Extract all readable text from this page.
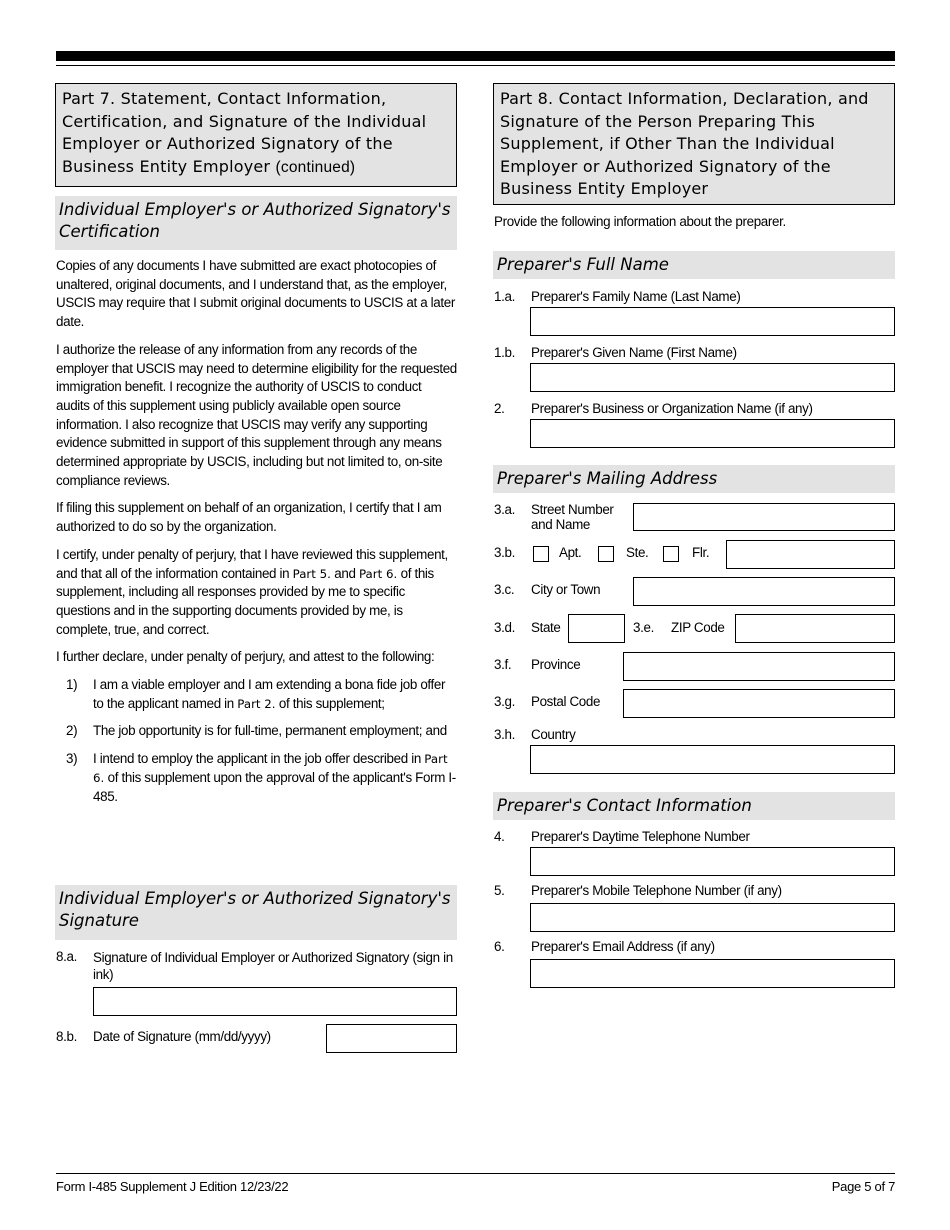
Part 7. Statement, Contact Information, Certification, and Signature of the Individual Employer or Authorized Signatory of the Business Entity Employer (continued)
Individual Employer's or Authorized Signatory's Certification

Copies of any documents I have submitted are exact photocopies of unaltered, original documents, and I understand that, as the employer, USCIS may require that I submit original documents to USCIS at a later date.

I authorize the release of any information from any records of the employer that USCIS may need to determine eligibility for the requested immigration benefit. I recognize the authority of USCIS to conduct audits of this supplement using publicly available open source information. I also recognize that USCIS may verify any supporting evidence submitted in support of this supplement through any means determined appropriate by USCIS, including but not limited to, on-site compliance reviews.

If filing this supplement on behalf of an organization, I certify that I am authorized to do so by the organization.

I certify, under penalty of perjury, that I have reviewed this supplement, and that all of the information contained in Part 5. and Part 6. of this supplement, including all responses provided by me to specific questions and in the supporting documents provided by me, is complete, true, and correct.

I further declare, under penalty of perjury, and attest to the following:

1) I am a viable employer and I am extending a bona fide job offer to the applicant named in Part 2. of this supplement;
2) The job opportunity is for full-time, permanent employment; and
3) I intend to employ the applicant in the job offer described in Part 6. of this supplement upon the approval of the applicant's Form I-485.
Individual Employer's or Authorized Signatory's Signature
8.a. Signature of Individual Employer or Authorized Signatory (sign in ink)
8.b. Date of Signature (mm/dd/yyyy)
Part 8. Contact Information, Declaration, and Signature of the Person Preparing This Supplement, if Other Than the Individual Employer or Authorized Signatory of the Business Entity Employer
Provide the following information about the preparer.
Preparer's Full Name
1.a. Preparer's Family Name (Last Name)
1.b. Preparer's Given Name (First Name)
2. Preparer's Business or Organization Name (if any)
Preparer's Mailing Address
3.a. Street Number
and Name
3.b.	Apt.	Ste.	Flr.
3.c. City or Town
3.d. State	3.e. ZIP Code
3.f. Province
3.g. Postal Code
3.h. Country
Preparer's Contact Information
4. Preparer's Daytime Telephone Number
5. Preparer's Mobile Telephone Number (if any)
6. Preparer's Email Address (if any)
Form I-485 Supplement J Edition 12/23/22	Page 5 of 7
